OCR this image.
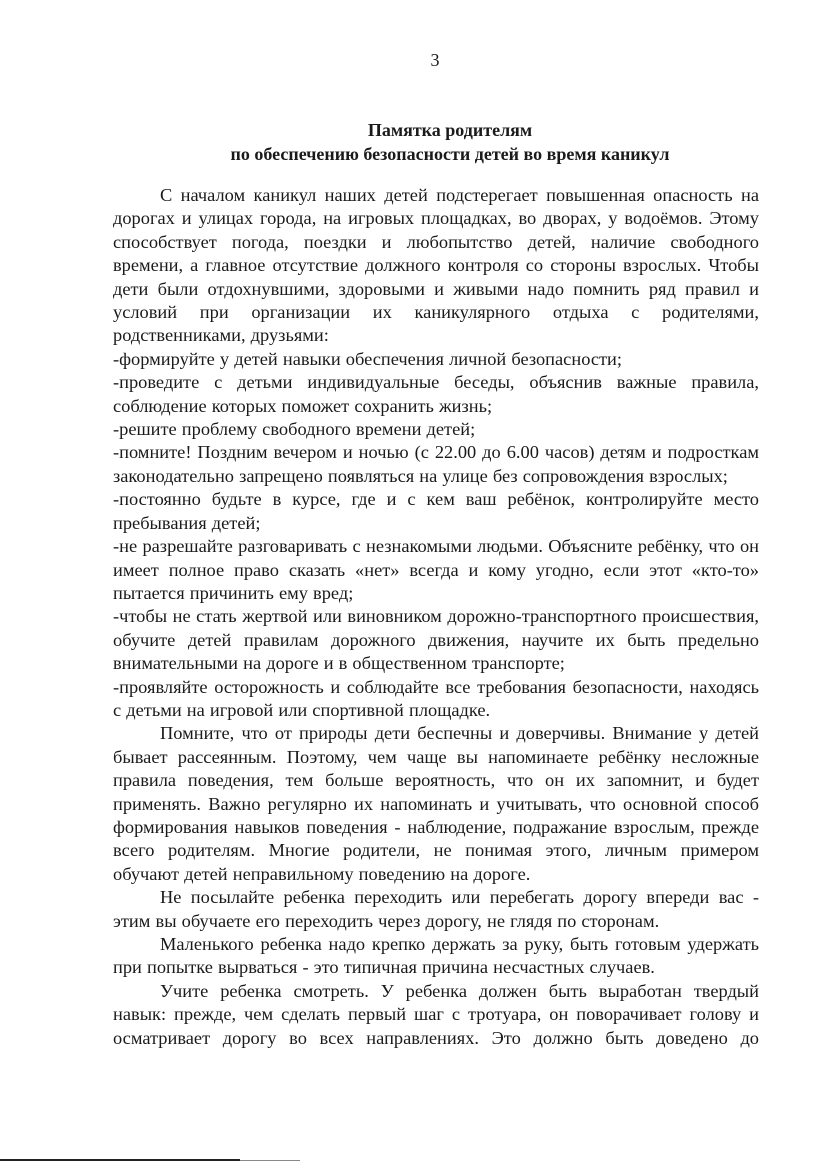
3
Памятка родителям
по обеспечению безопасности детей во время каникул

С началом каникул наших детей подстерегает повышенная опасность на дорогах и улицах города, на игровых площадках, во дворах, у водоёмов. Этому способствует погода, поездки и любопытство детей, наличие свободного времени, а главное отсутствие должного контроля со стороны взрослых. Чтобы дети были отдохнувшими, здоровыми и живыми надо помнить ряд правил и условий при организации их каникулярного отдыха с родителями, родственниками, друзьями:

-формируйте у детей навыки обеспечения личной безопасности;

-проведите с детьми индивидуальные беседы, объяснив важные правила, соблюдение которых поможет сохранить жизнь;

-решите проблему свободного времени детей;

-помните! Поздним вечером и ночью (с 22.00 до 6.00 часов) детям и подросткам законодательно запрещено появляться на улице без сопровождения взрослых;

-постоянно будьте в курсе, где и с кем ваш ребёнок, контролируйте место пребывания детей;

-не разрешайте разговаривать с незнакомыми людьми. Объясните ребёнку, что он имеет полное право сказать «нет» всегда и кому угодно, если этот «кто-то» пытается причинить ему вред;

-чтобы не стать жертвой или виновником дорожно-транспортного происшествия, обучите детей правилам дорожного движения, научите их быть предельно внимательными на дороге и в общественном транспорте;

-проявляйте осторожность и соблюдайте все требования безопасности, находясь с детьми на игровой или спортивной площадке.

Помните, что от природы дети беспечны и доверчивы. Внимание у детей бывает рассеянным. Поэтому, чем чаще вы напоминаете ребёнку несложные правила поведения, тем больше вероятность, что он их запомнит, и будет применять. Важно регулярно их напоминать и учитывать, что основной способ формирования навыков поведения - наблюдение, подражание взрослым, прежде всего родителям. Многие родители, не понимая этого, личным примером обучают детей неправильному поведению на дороге.

Не посылайте ребенка переходить или перебегать дорогу впереди вас - этим вы обучаете его переходить через дорогу, не глядя по сторонам.

Маленького ребенка надо крепко держать за руку, быть готовым удержать при попытке вырваться - это типичная причина несчастных случаев.

Учите ребенка смотреть. У ребенка должен быть выработан твердый навык: прежде, чем сделать первый шаг с тротуара, он поворачивает голову и осматривает дорогу во всех направлениях. Это должно быть доведено до
